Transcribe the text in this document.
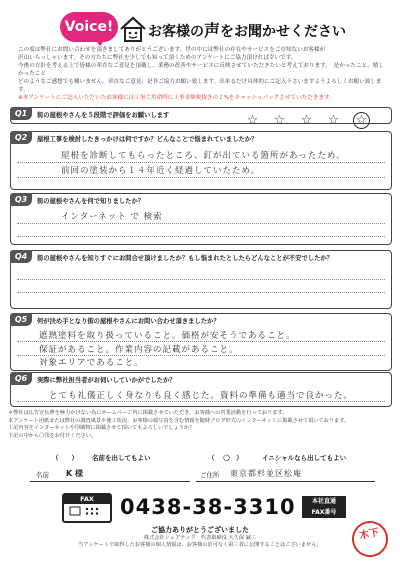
Voice!	お客様の声をお聞かせください

この度は弊社にお問い合わせを頂きましてありがとうございます。世の中には弊社の存在やサービスをご存知ないお客様が

沢山いらっしゃいます。その方たちに弊社を少しでも知って頂くためのアンケートにご協力頂ければ幸いです。

今後の方針を考える上で皆様の率直なご意見を頂戴し、業務の改善やサービスに反映させていただきたいと考えております。　是かったこと、嬉しかったこと

どのようなご感想でも構いません。率直なご意見、是非ご協力お願い致します。出来るだけ具体的にご記入下さいますようよろしくお願い致します。

※本アンケートにご記入いただいたお客様には工事ご用命時に工事金額税抜きの２%をキャッシュバックさせていただきます。

Q1	街の屋根やさんを５段階で評価をお願いします	☆ ☆ ☆ ☆ ☆
Q2	屋根工事を検討したきっかけは何ですか？どんなことで悩まれていましたか？
屋根を診断してもらったところ、釘が出ている箇所があったため。
前回の塗装から１４年近く経過していたため。
Q3	街の屋根やさんを何で知りましたか？
インターネット で 検索
Q4	街の屋根やさんを知りすぐにお問合せ頂けましたか？もし悩まれたとしたらどんなことが不安でしたか？
Q5	何が決め手となり街の屋根やさんにお問い合わせ頂きましたか？
遮熱塗料を取り扱っていること。価格が安そうであること。
保証があること。作業内容の記載があること。
対象エリアであること。
Q6	実際に弊社担当者がお伺いしていかがでしたか？
とても礼儀正しく身なりも良く感じた。資料の準備も適当で良かった。

＊弊社は広告宣伝費を極力かけない為にホームページ内に掲載させていただき、お客様への営業活動を行っております。

本アンケート用紙または弊社の調査風景や施工状況、お客様の顔写真を含む情報を随時ブログ形式のインターネットに掲載させて頂いております。

上記内容をインターネットや印刷物に掲載させて頂いてもよろしいでしょうか？

下記の中から〇印をお付けください。

（　　） 名前を出してもよい	（　 〇　）	イニシャルなら出してもよい
名前 K 様	ご住所 東京都杉並区松庵
FAX	0438-38-3310	本社直通
FAX番号
ご協力ありがとうございました
株式会社シェアテック　代表取締役 大久保 誠二
当アンケートで取得したお客様の個人情報は、お客様の許可なく第三者に公開することはございません。
木下
